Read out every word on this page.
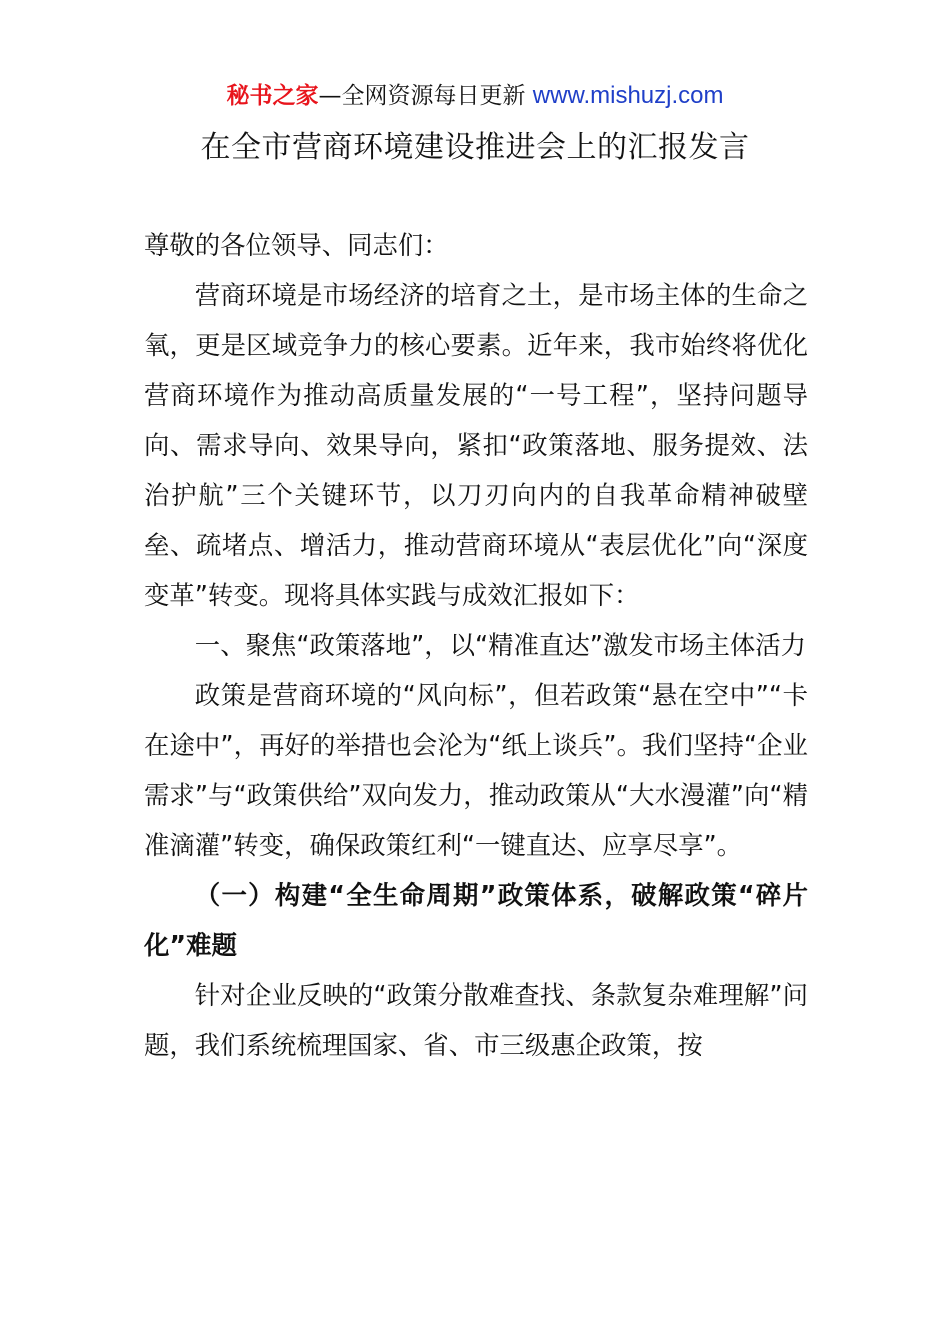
秘书之家—全网资源每日更新 www.mishuzj.com
在全市营商环境建设推进会上的汇报发言

尊敬的各位领导、同志们：

营商环境是市场经济的培育之土，是市场主体的生命之氧，更是区域竞争力的核心要素。近年来，我市始终将优化营商环境作为推动高质量发展的“一号工程”，坚持问题导向、需求导向、效果导向，紧扣“政策落地、服务提效、法治护航”三个关键环节，以刀刃向内的自我革命精神破壁垒、疏堵点、增活力，推动营商环境从“表层优化”向“深度变革”转变。现将具体实践与成效汇报如下：

一、聚焦“政策落地”，以“精准直达”激发市场主体活力

政策是营商环境的“风向标”，但若政策“悬在空中”“卡在途中”，再好的举措也会沦为“纸上谈兵”。我们坚持“企业需求”与“政策供给”双向发力，推动政策从“大水漫灌”向“精准滴灌”转变，确保政策红利“一键直达、应享尽享”。

（一）构建“全生命周期”政策体系，破解政策“碎片化”难题

针对企业反映的“政策分散难查找、条款复杂难理解”问题，我们系统梳理国家、省、市三级惠企政策，按
